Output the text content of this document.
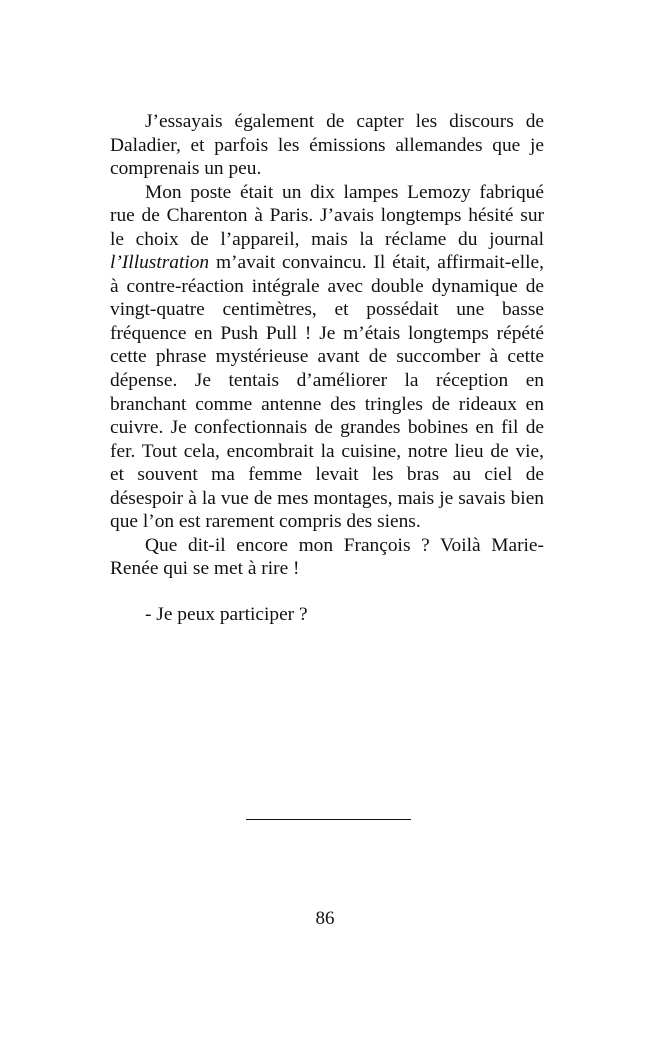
J’essayais également de capter les discours de Daladier, et parfois les émissions allemandes que je comprenais un peu.

Mon poste était un dix lampes Lemozy fabriqué rue de Charenton à Paris. J’avais longtemps hésité sur le choix de l’appareil, mais la réclame du journal l’Illustration m’avait convaincu. Il était, affirmait-elle, à contre-réaction intégrale avec double dynamique de vingt-quatre centimètres, et possédait une basse fréquence en Push Pull ! Je m’étais longtemps répété cette phrase mystérieuse avant de succomber à cette dépense. Je tentais d’améliorer la réception en branchant comme antenne des tringles de rideaux en cuivre. Je confectionnais de grandes bobines en fil de fer. Tout cela, encombrait la cuisine, notre lieu de vie, et souvent ma femme levait les bras au ciel de désespoir à la vue de mes montages, mais je savais bien que l’on est rarement compris des siens.

Que dit-il encore mon François ? Voilà Marie-Renée qui se met à rire !

- Je peux participer ?

86
